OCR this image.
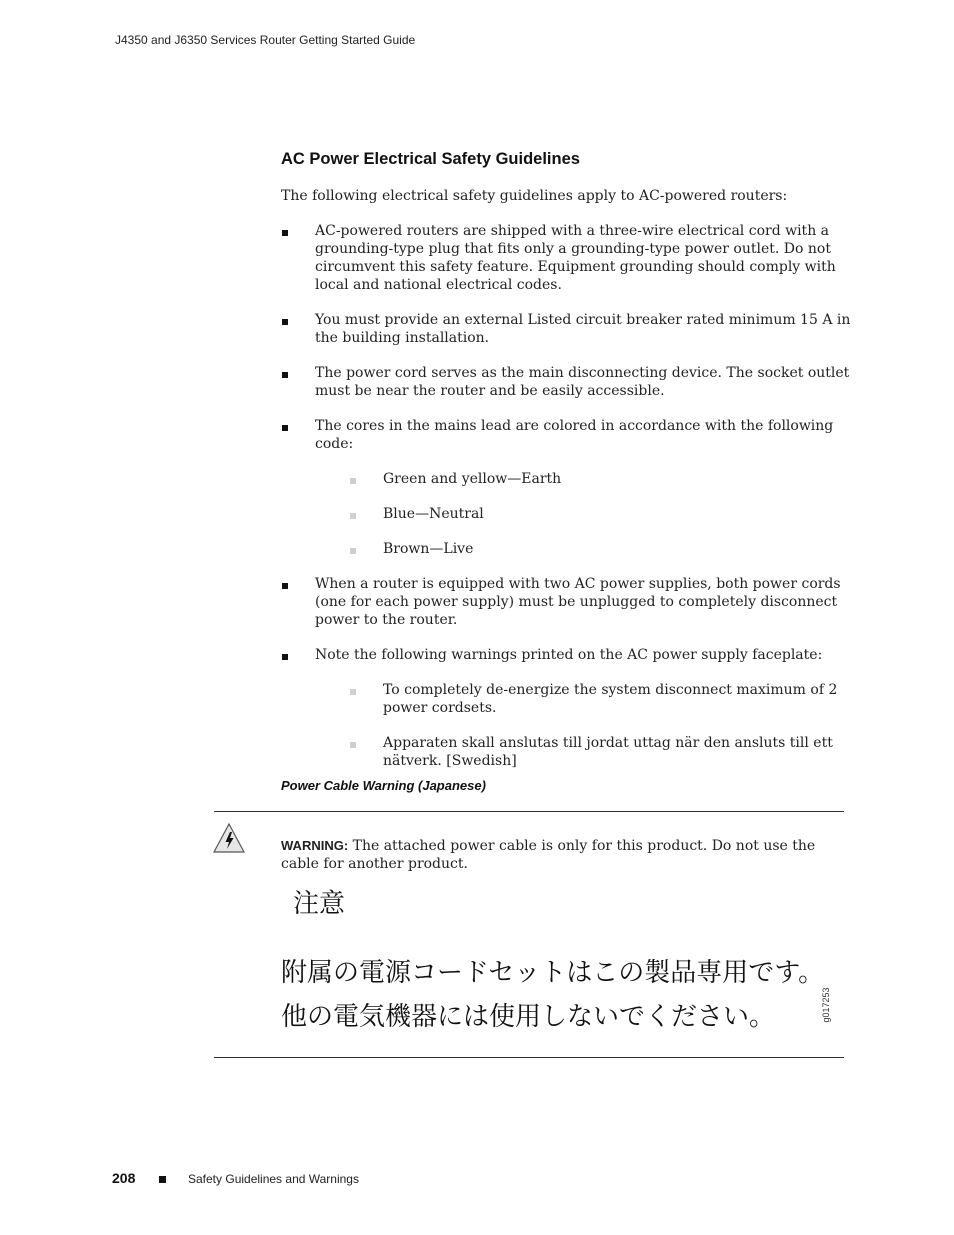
J4350 and J6350 Services Router Getting Started Guide
AC Power Electrical Safety Guidelines

The following electrical safety guidelines apply to AC-powered routers:

AC-powered routers are shipped with a three-wire electrical cord with a grounding-type plug that fits only a grounding-type power outlet. Do not circumvent this safety feature. Equipment grounding should comply with local and national electrical codes.
You must provide an external Listed circuit breaker rated minimum 15 A in the building installation.
The power cord serves as the main disconnecting device. The socket outlet must be near the router and be easily accessible.
The cores in the mains lead are colored in accordance with the following code:
Green and yellow—Earth
Blue—Neutral
Brown—Live
When a router is equipped with two AC power supplies, both power cords (one for each power supply) must be unplugged to completely disconnect power to the router.
Note the following warnings printed on the AC power supply faceplate:
To completely de-energize the system disconnect maximum of 2 power cordsets.
Apparaten skall anslutas till jordat uttag när den ansluts till ett nätverk. [Swedish]
Power Cable Warning (Japanese)

WARNING: The attached power cable is only for this product. Do not use the cable for another product.

注意
附属の電源コードセットはこの製品専用です。
他の電気機器には使用しないでください。	g017253
208	Safety Guidelines and Warnings
